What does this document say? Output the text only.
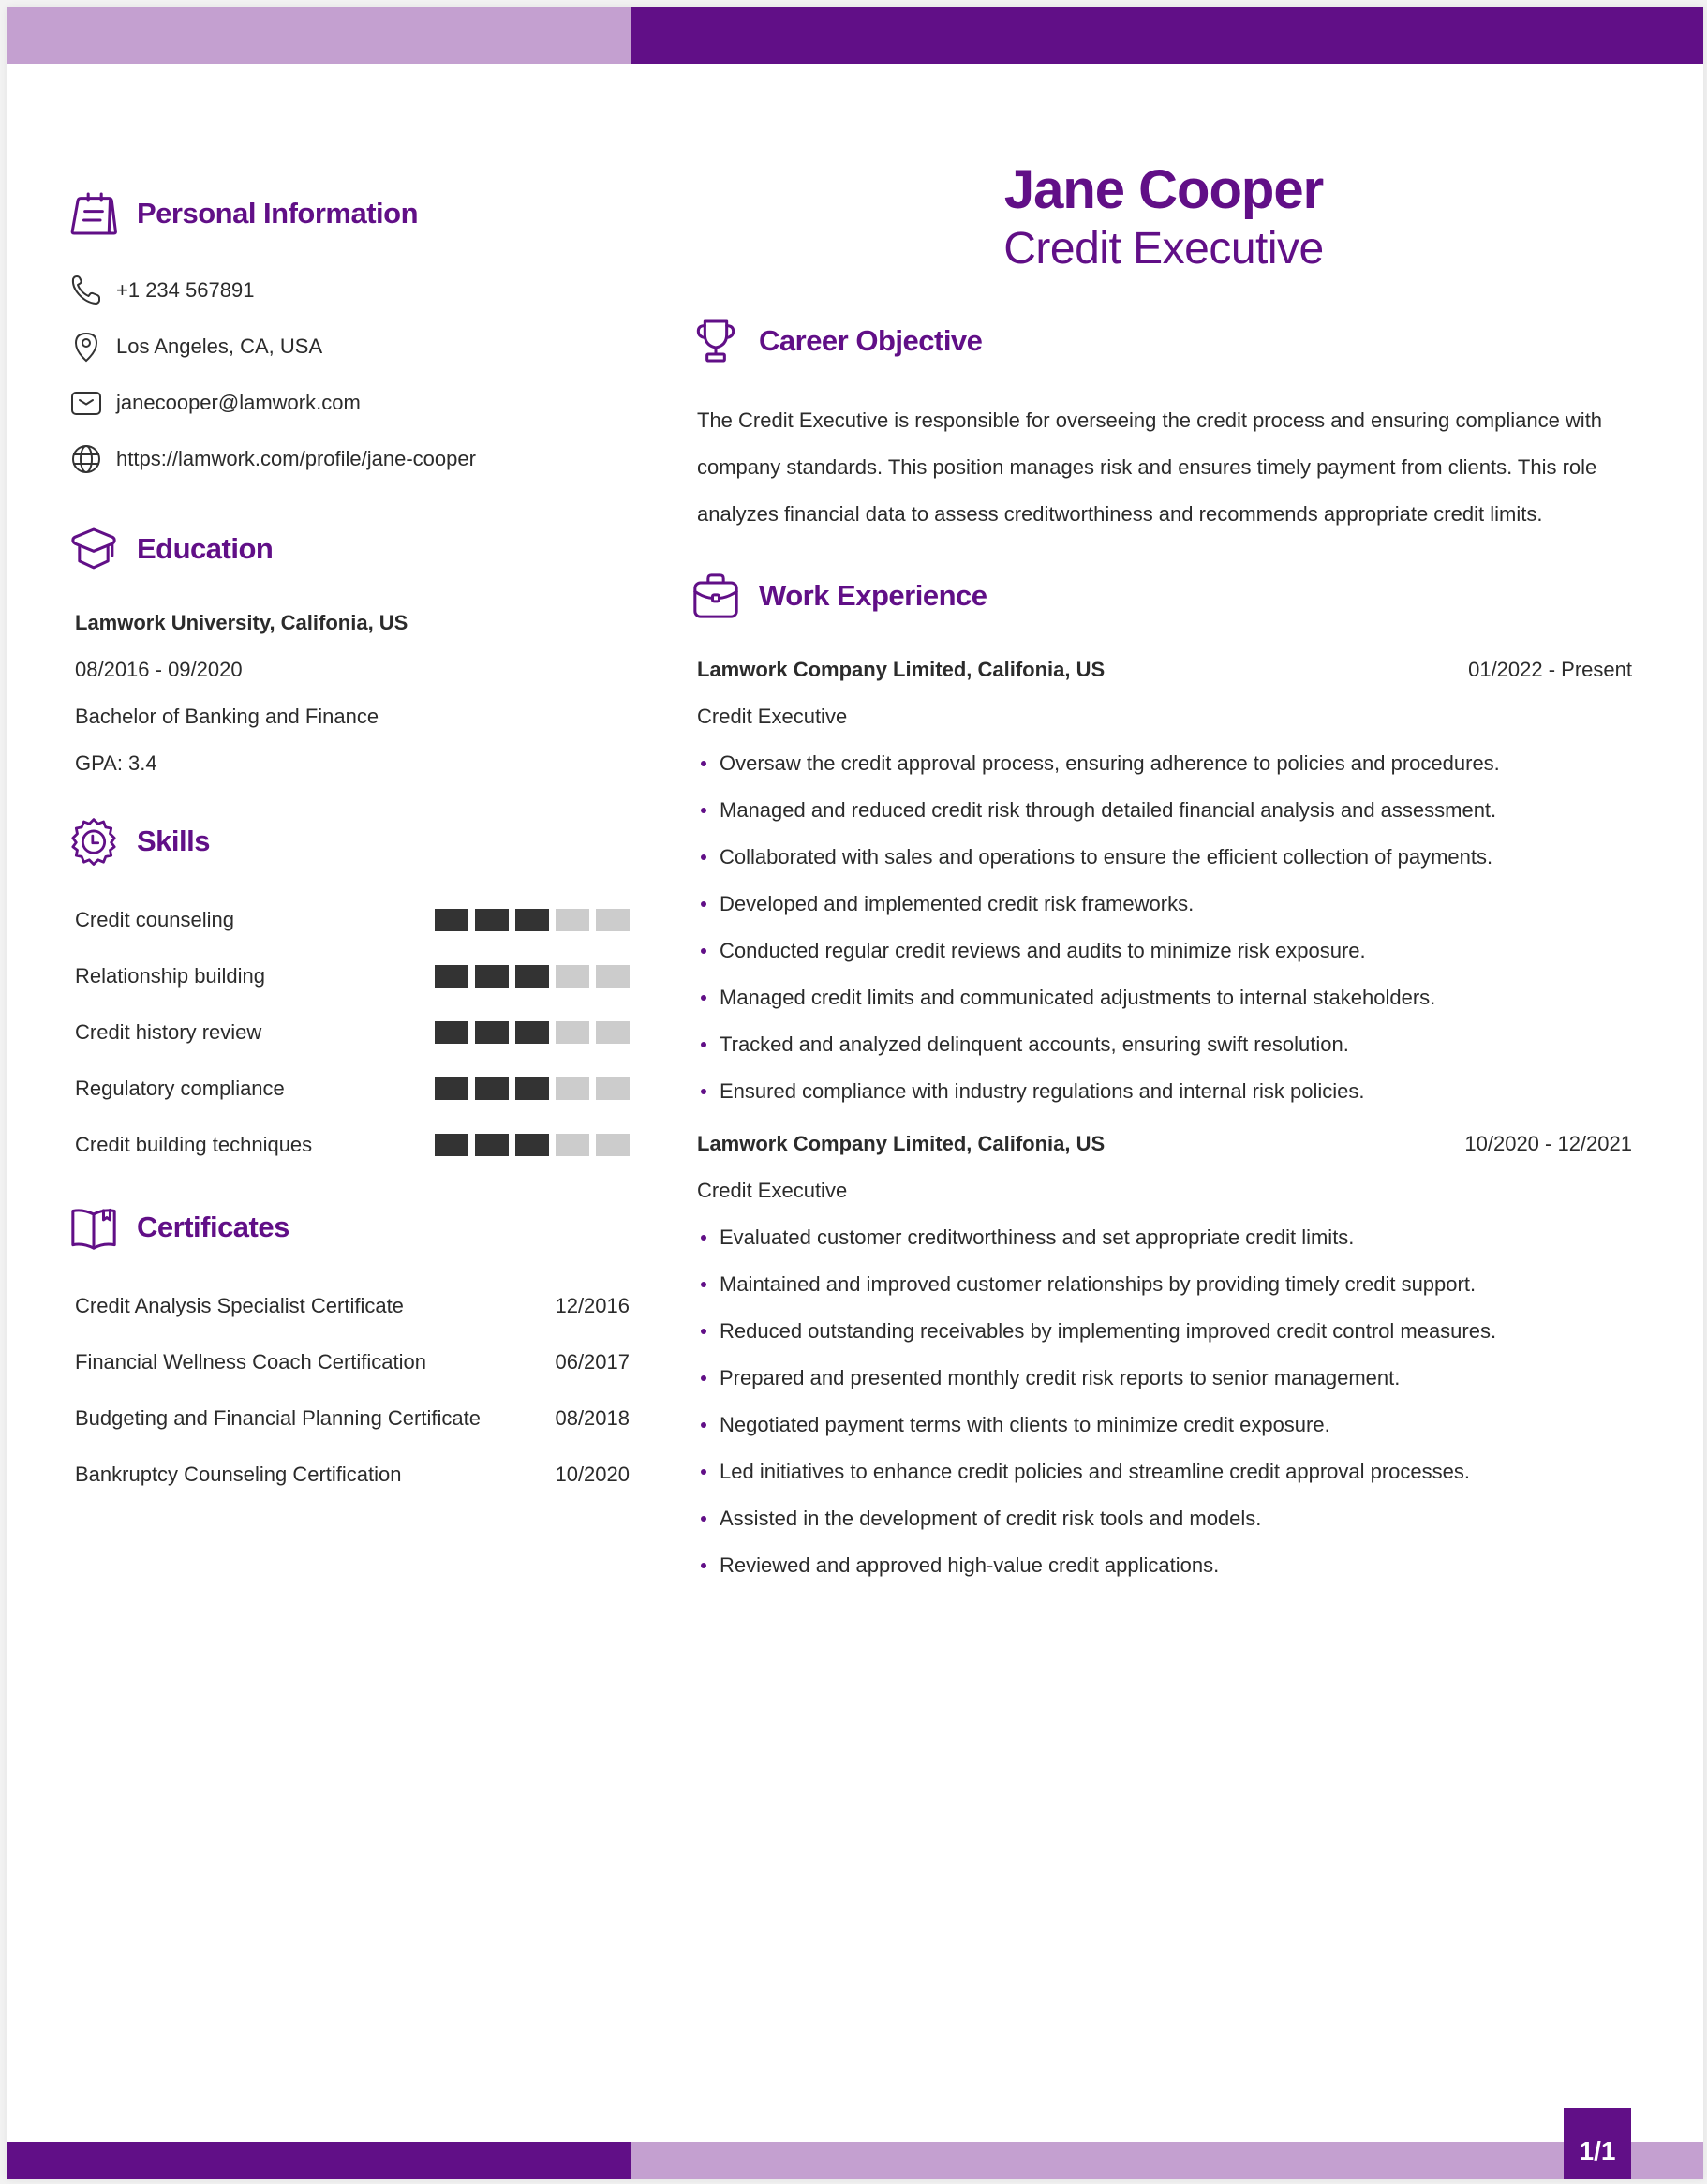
Personal Information
+1 234 567891
Los Angeles, CA, USA
janecooper@lamwork.com
https://lamwork.com/profile/jane-cooper
Education
Lamwork University, Califonia, US
08/2016 - 09/2020
Bachelor of Banking and Finance
GPA: 3.4
Skills
Credit counseling
Relationship building
Credit history review
Regulatory compliance
Credit building techniques
Certificates
Credit Analysis Specialist Certificate	12/2016
Financial Wellness Coach Certification	06/2017
Budgeting and Financial Planning Certificate	08/2018
Bankruptcy Counseling Certification	10/2020
Jane Cooper
Credit Executive
Career Objective

The Credit Executive is responsible for overseeing the credit process and ensuring compliance with company standards. This position manages risk and ensures timely payment from clients. This role analyzes financial data to assess creditworthiness and recommends appropriate credit limits.

Work Experience
Lamwork Company Limited, Califonia, US	01/2022 - Present
Credit Executive
Oversaw the credit approval process, ensuring adherence to policies and procedures.
Managed and reduced credit risk through detailed financial analysis and assessment.
Collaborated with sales and operations to ensure the efficient collection of payments.
Developed and implemented credit risk frameworks.
Conducted regular credit reviews and audits to minimize risk exposure.
Managed credit limits and communicated adjustments to internal stakeholders.
Tracked and analyzed delinquent accounts, ensuring swift resolution.
Ensured compliance with industry regulations and internal risk policies.
Lamwork Company Limited, Califonia, US	10/2020 - 12/2021
Credit Executive
Evaluated customer creditworthiness and set appropriate credit limits.
Maintained and improved customer relationships by providing timely credit support.
Reduced outstanding receivables by implementing improved credit control measures.
Prepared and presented monthly credit risk reports to senior management.
Negotiated payment terms with clients to minimize credit exposure.
Led initiatives to enhance credit policies and streamline credit approval processes.
Assisted in the development of credit risk tools and models.
Reviewed and approved high-value credit applications.
1/1
